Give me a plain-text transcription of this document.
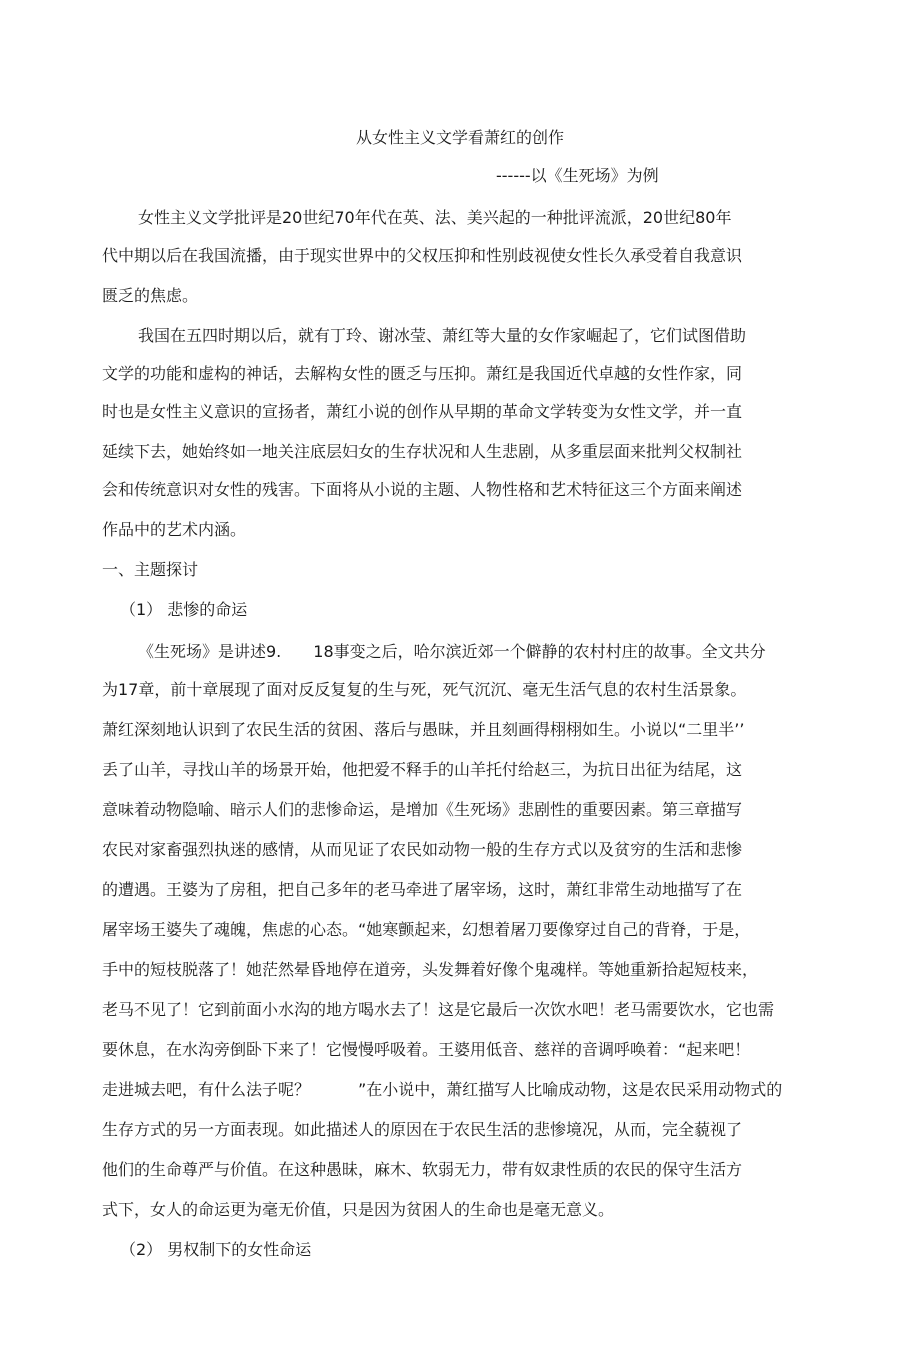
从女性主义文学看萧红的创作
------以《生死场》为例
女性主义文学批评是20世纪70年代在英、法、美兴起的一种批评流派，20世纪80年
代中期以后在我国流播，由于现实世界中的父权压抑和性别歧视使女性长久承受着自我意识
匮乏的焦虑。
我国在五四时期以后，就有丁玲、谢冰莹、萧红等大量的女作家崛起了，它们试图借助
文学的功能和虚构的神话，去解构女性的匮乏与压抑。萧红是我国近代卓越的女性作家，同
时也是女性主义意识的宣扬者，萧红小说的创作从早期的革命文学转变为女性文学，并一直
延续下去，她始终如一地关注底层妇女的生存状况和人生悲剧，从多重层面来批判父权制社
会和传统意识对女性的残害。下面将从小说的主题、人物性格和艺术特征这三个方面来阐述
作品中的艺术内涵。
一、主题探讨
（1） 悲惨的命运
《生死场》是讲述9.　　18事变之后，哈尔滨近郊一个僻静的农村村庄的故事。全文共分
为17章，前十章展现了面对反反复复的生与死，死气沉沉、毫无生活气息的农村生活景象。
萧红深刻地认识到了农民生活的贫困、落后与愚昧，并且刻画得栩栩如生。小说以“二里半’’
丢了山羊，寻找山羊的场景开始，他把爱不释手的山羊托付给赵三，为抗日出征为结尾，这
意味着动物隐喻、暗示人们的悲惨命运，是增加《生死场》悲剧性的重要因素。第三章描写
农民对家畜强烈执迷的感情，从而见证了农民如动物一般的生存方式以及贫穷的生活和悲惨
的遭遇。王婆为了房租，把自己多年的老马牵进了屠宰场，这时，萧红非常生动地描写了在
屠宰场王婆失了魂魄，焦虑的心态。“她寒颤起来，幻想着屠刀要像穿过自己的背脊，于是，
手中的短枝脱落了！她茫然晕昏地停在道旁，头发舞着好像个鬼魂样。等她重新拾起短枝来，
老马不见了！它到前面小水沟的地方喝水去了！这是它最后一次饮水吧！老马需要饮水，它也需
要休息，在水沟旁倒卧下来了！它慢慢呼吸着。王婆用低音、慈祥的音调呼唤着：“起来吧！
走进城去吧，有什么法子呢？　　　”在小说中，萧红描写人比喻成动物，这是农民采用动物式的
生存方式的另一方面表现。如此描述人的原因在于农民生活的悲惨境况，从而，完全藐视了
他们的生命尊严与价值。在这种愚昧，麻木、软弱无力，带有奴隶性质的农民的保守生活方
式下，女人的命运更为毫无价值，只是因为贫困人的生命也是毫无意义。
（2） 男权制下的女性命运
